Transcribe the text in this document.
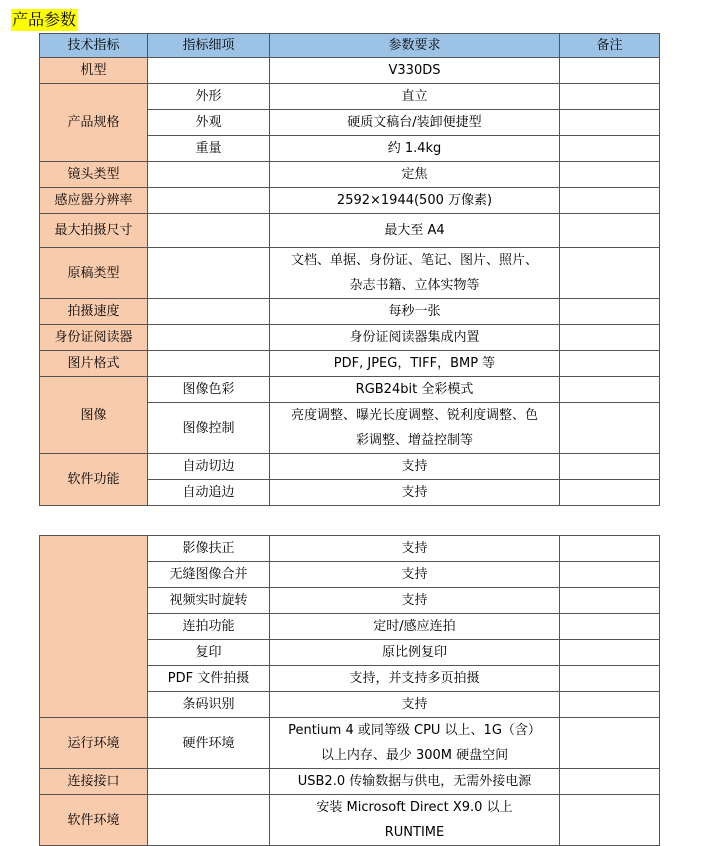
产品参数
技术指标	指标细项	参数要求	备注
机型		V330DS	
产品规格	外形	直立	
	外观	硬质文稿台/装卸便捷型	
	重量	约 1.4kg	
镜头类型		定焦	
感应器分辨率		2592×1944(500 万像素)	
最大拍摄尺寸		最大至 A4	
原稿类型		文档、单据、身份证、笔记、图片、照片、
杂志书籍、立体实物等	
拍摄速度		每秒一张	
身份证阅读器		身份证阅读器集成内置	
图片格式		PDF, JPEG，TIFF，BMP 等	
图像	图像色彩	RGB24bit 全彩模式	
	图像控制	亮度调整、曝光长度调整、锐利度调整、色
彩调整、增益控制等	
软件功能	自动切边	支持	
	自动追边	支持	
	影像扶正	支持	
	无缝图像合并	支持	
	视频实时旋转	支持	
	连拍功能	定时/感应连拍	
	复印	原比例复印	
	PDF 文件拍摄	支持，并支持多页拍摄	
	条码识别	支持	
运行环境	硬件环境	Pentium 4 或同等级 CPU 以上、1G（含）
以上内存、最少 300M 硬盘空间	
连接接口		USB2.0 传输数据与供电，无需外接电源	
软件环境		安装 Microsoft Direct X9.0 以上
RUNTIME	
